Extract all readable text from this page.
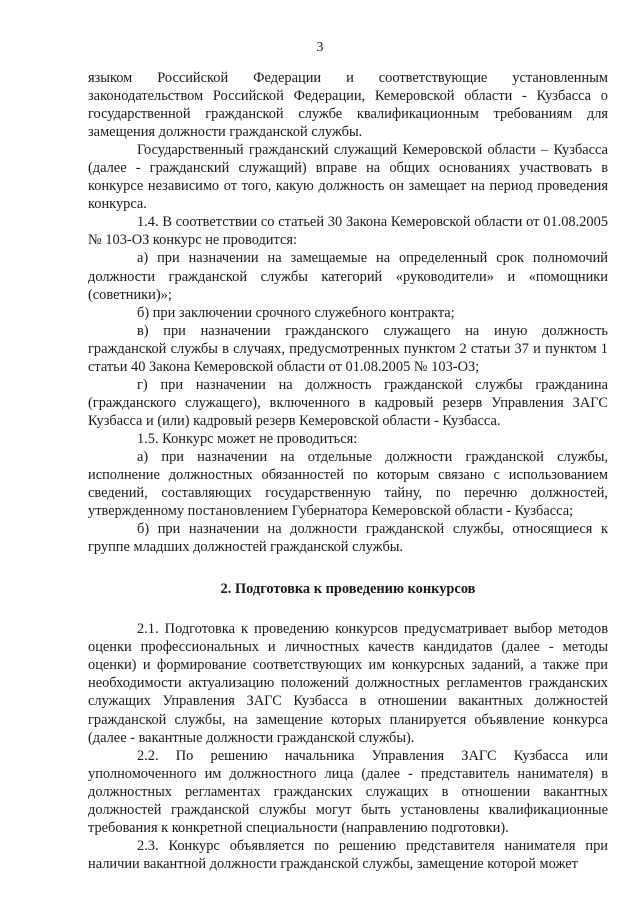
3

языком Российской Федерации и соответствующие установленным законодательством Российской Федерации, Кемеровской области - Кузбасса о государственной гражданской службе квалификационным требованиям для замещения должности гражданской службы.

Государственный гражданский служащий Кемеровской области – Кузбасса (далее - гражданский служащий) вправе на общих основаниях участвовать в конкурсе независимо от того, какую должность он замещает на период проведения конкурса.

1.4. В соответствии со статьей 30 Закона Кемеровской области от 01.08.2005 № 103-ОЗ конкурс не проводится:

а) при назначении на замещаемые на определенный срок полномочий должности гражданской службы категорий «руководители» и «помощники (советники)»;

б) при заключении срочного служебного контракта;

в) при назначении гражданского служащего на иную должность гражданской службы в случаях, предусмотренных пунктом 2 статьи 37 и пунктом 1 статьи 40 Закона Кемеровской области от 01.08.2005 № 103-ОЗ;

г) при назначении на должность гражданской службы гражданина (гражданского служащего), включенного в кадровый резерв Управления ЗАГС Кузбасса и (или) кадровый резерв Кемеровской области - Кузбасса.

1.5. Конкурс может не проводиться:

а) при назначении на отдельные должности гражданской службы, исполнение должностных обязанностей по которым связано с использованием сведений, составляющих государственную тайну, по перечню должностей, утвержденному постановлением Губернатора Кемеровской области - Кузбасса;

б) при назначении на должности гражданской службы, относящиеся к группе младших должностей гражданской службы.

2. Подготовка к проведению конкурсов

2.1. Подготовка к проведению конкурсов предусматривает выбор методов оценки профессиональных и личностных качеств кандидатов (далее - методы оценки) и формирование соответствующих им конкурсных заданий, а также при необходимости актуализацию положений должностных регламентов гражданских служащих Управления ЗАГС Кузбасса в отношении вакантных должностей гражданской службы, на замещение которых планируется объявление конкурса (далее - вакантные должности гражданской службы).

2.2. По решению начальника Управления ЗАГС Кузбасса или уполномоченного им должностного лица (далее - представитель нанимателя) в должностных регламентах гражданских служащих в отношении вакантных должностей гражданской службы могут быть установлены квалификационные требования к конкретной специальности (направлению подготовки).

2.3. Конкурс объявляется по решению представителя нанимателя при наличии вакантной должности гражданской службы, замещение которой может
